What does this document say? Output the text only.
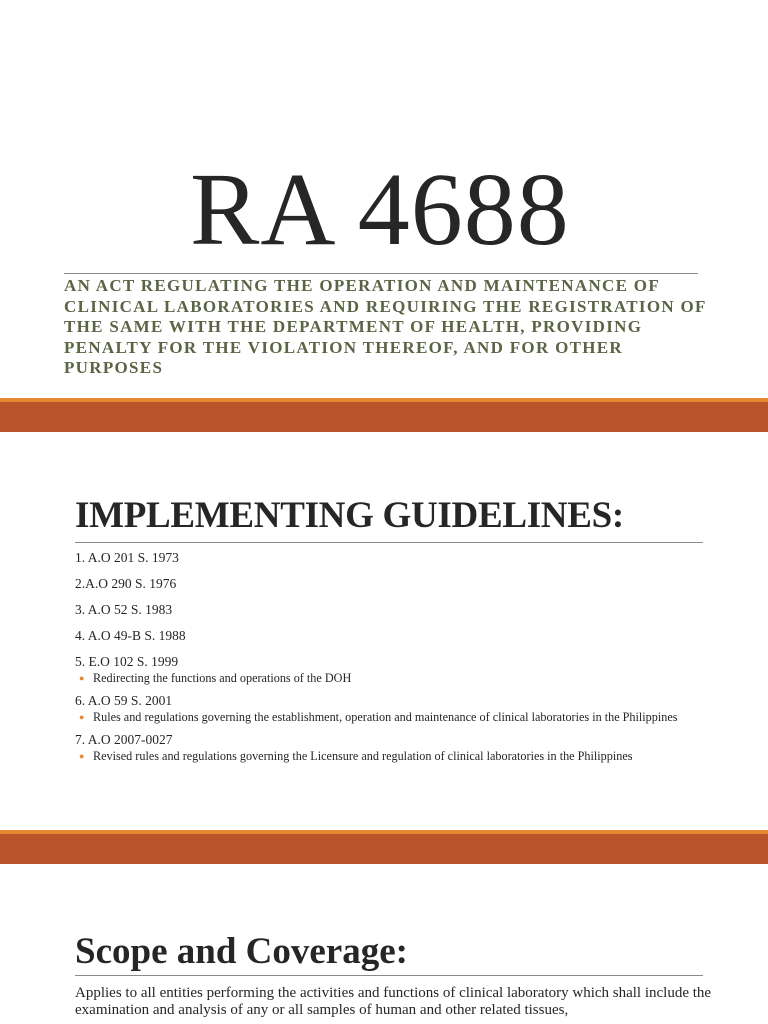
RA 4688
AN ACT REGULATING THE OPERATION AND MAINTENANCE OF CLINICAL LABORATORIES AND REQUIRING THE REGISTRATION OF THE SAME WITH THE DEPARTMENT OF HEALTH, PROVIDING PENALTY FOR THE VIOLATION THEREOF, AND FOR OTHER PURPOSES
IMPLEMENTING GUIDELINES:
1. A.O 201 S. 1973
2.A.O 290 S. 1976
3. A.O 52 S. 1983
4. A.O 49-B S. 1988
5. E.O 102 S. 1999
● Redirecting the functions and operations of the DOH
6. A.O 59 S. 2001
● Rules and regulations governing the establishment, operation and maintenance of clinical laboratories in the Philippines
7. A.O 2007-0027
● Revised rules and regulations governing the Licensure and regulation of clinical laboratories in the Philippines
Scope and Coverage:
Applies to all entities performing the activities and functions of clinical laboratory which shall include the examination and analysis of any or all samples of human and other related tissues,
